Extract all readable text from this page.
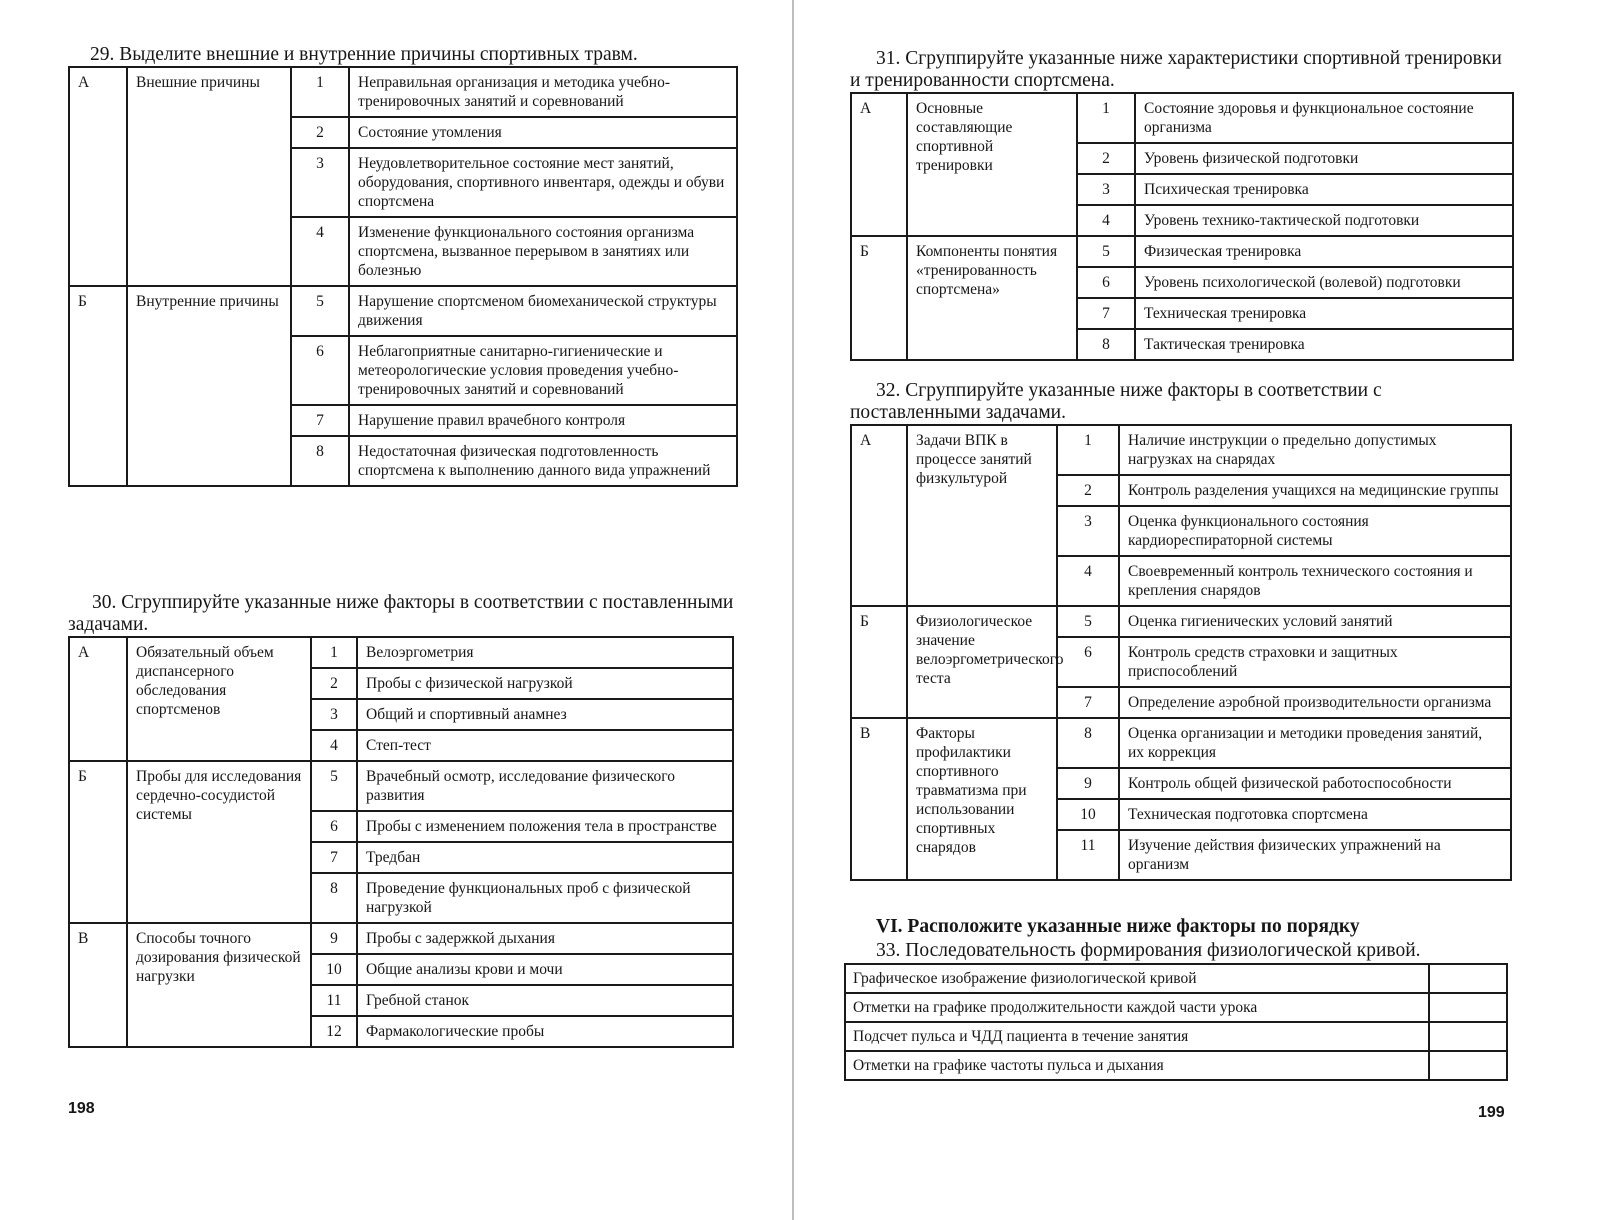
29. Выделите внешние и внутренние причины спортивных травм.

А	Внешние причины	1	Неправильная организация и методика учебно-тренировочных занятий и соревнований
		2	Состояние утомления
		3	Неудовлетворительное состояние мест занятий, оборудования, спортивного инвентаря, одежды и обуви спортсмена
		4	Изменение функционального состояния организма спортсмена, вызванное перерывом в занятиях или болезнью
Б	Внутренние причины	5	Нарушение спортсменом биомеханической структуры движения
		6	Неблагоприятные санитарно-гигиенические и метеорологические условия проведения учебно-тренировочных занятий и соревнований
		7	Нарушение правил врачебного контроля
		8	Недостаточная физическая подготовленность спортсмена к выполнению данного вида упражнений

30. Сгруппируйте указанные ниже факторы в соответствии с поставленными задачами.

А	Обязательный объем диспансерного обследования спортсменов	1	Велоэргометрия
		2	Пробы с физической нагрузкой
		3	Общий и спортивный анамнез
		4	Степ-тест
Б	Пробы для исследования сердечно-сосудистой системы	5	Врачебный осмотр, исследование физического развития
		6	Пробы с изменением положения тела в пространстве
		7	Тредбан
		8	Проведение функциональных проб с физической нагрузкой
В	Способы точного дозирования физической нагрузки	9	Пробы с задержкой дыхания
		10	Общие анализы крови и мочи
		11	Гребной станок
		12	Фармакологические пробы
198

31. Сгруппируйте указанные ниже характеристики спортивной тренировки и тренированности спортсмена.

А	Основные составляющие спортивной тренировки	1	Состояние здоровья и функциональное состояние организма
		2	Уровень физической подготовки
		3	Психическая тренировка
		4	Уровень технико-тактической подготовки
Б	Компоненты понятия «тренированность спортсмена»	5	Физическая тренировка
		6	Уровень психологической (волевой) подготовки
		7	Техническая тренировка
		8	Тактическая тренировка

32. Сгруппируйте указанные ниже факторы в соответствии с поставленными задачами.

А	Задачи ВПК в процессе занятий физкультурой	1	Наличие инструкции о предельно допустимых нагрузках на снарядах
		2	Контроль разделения учащихся на медицинские группы
		3	Оценка функционального состояния кардиореспираторной системы
		4	Своевременный контроль технического состояния и крепления снарядов
Б	Физиологическое значение велоэргометрического теста	5	Оценка гигиенических условий занятий
		6	Контроль средств страховки и защитных приспособлений
		7	Определение аэробной производительности организма
В	Факторы профилактики спортивного травматизма при использовании спортивных снарядов	8	Оценка организации и методики проведения занятий, их коррекция
		9	Контроль общей физической работоспособности
		10	Техническая подготовка спортсмена
		11	Изучение действия физических упражнений на организм

VI. Расположите указанные ниже факторы по порядку

33. Последовательность формирования физиологической кривой.

Графическое изображение физиологической кривой	
Отметки на графике продолжительности каждой части урока	
Подсчет пульса и ЧДД пациента в течение занятия	
Отметки на графике частоты пульса и дыхания	
199
